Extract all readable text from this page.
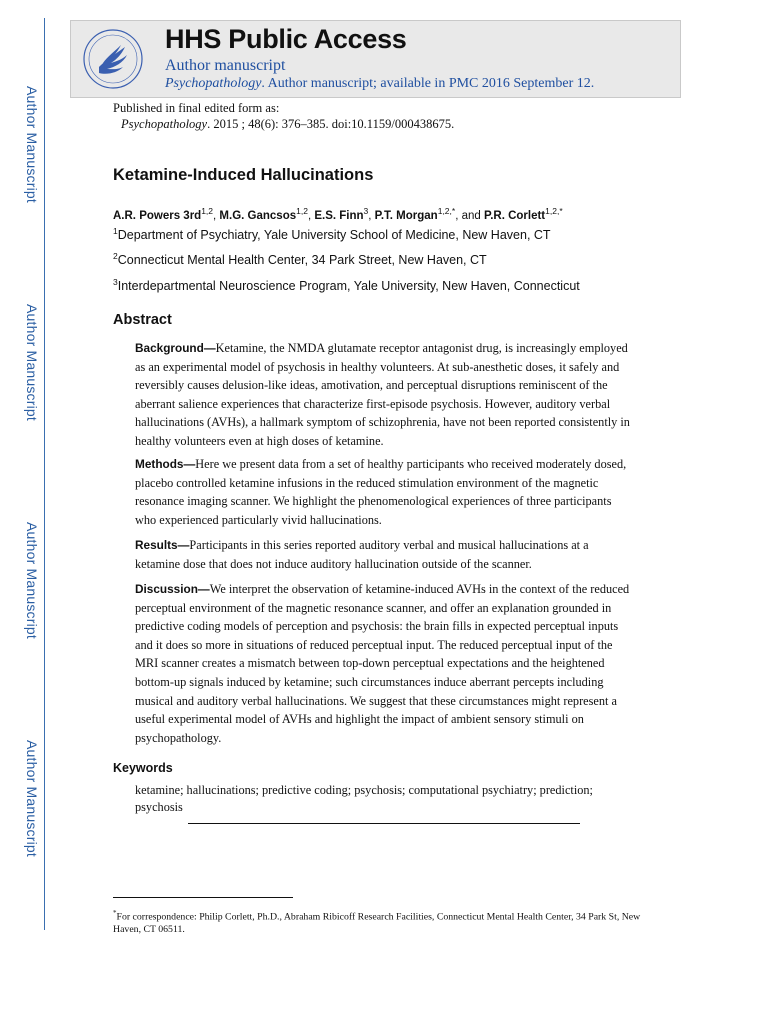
Author Manuscript
Author Manuscript
Author Manuscript
Author Manuscript
HHS Public Access
Author manuscript
Psychopathology. Author manuscript; available in PMC 2016 September 12.
Published in final edited form as:
Psychopathology. 2015 ; 48(6): 376–385. doi:10.1159/000438675.
Ketamine-Induced Hallucinations
A.R. Powers 3rd$^{1,2}$, M.G. Gancsos$^{1,2}$, E.S. Finn$^3$, P.T. Morgan$^{1,2,*}$, and P.R. Corlett$^{1,2,*}$
$^1$Department of Psychiatry, Yale University School of Medicine, New Haven, CT
$^2$Connecticut Mental Health Center, 34 Park Street, New Haven, CT
$^3$Interdepartmental Neuroscience Program, Yale University, New Haven, Connecticut
Abstract
Background—Ketamine, the NMDA glutamate receptor antagonist drug, is increasingly employed as an experimental model of psychosis in healthy volunteers. At sub-anesthetic doses, it safely and reversibly causes delusion-like ideas, amotivation, and perceptual disruptions reminiscent of the aberrant salience experiences that characterize first-episode psychosis. However, auditory verbal hallucinations (AVHs), a hallmark symptom of schizophrenia, have not been reported consistently in healthy volunteers even at high doses of ketamine.
Methods—Here we present data from a set of healthy participants who received moderately dosed, placebo controlled ketamine infusions in the reduced stimulation environment of the magnetic resonance imaging scanner. We highlight the phenomenological experiences of three participants who experienced particularly vivid hallucinations.
Results—Participants in this series reported auditory verbal and musical hallucinations at a ketamine dose that does not induce auditory hallucination outside of the scanner.
Discussion—We interpret the observation of ketamine-induced AVHs in the context of the reduced perceptual environment of the magnetic resonance scanner, and offer an explanation grounded in predictive coding models of perception and psychosis: the brain fills in expected perceptual inputs and it does so more in situations of reduced perceptual input. The reduced perceptual input of the MRI scanner creates a mismatch between top-down perceptual expectations and the heightened bottom-up signals induced by ketamine; such circumstances induce aberrant percepts including musical and auditory verbal hallucinations. We suggest that these circumstances might represent a useful experimental model of AVHs and highlight the impact of ambient sensory stimuli on psychopathology.
Keywords
ketamine; hallucinations; predictive coding; psychosis; computational psychiatry; prediction; psychosis
*For correspondence: Philip Corlett, Ph.D., Abraham Ribicoff Research Facilities, Connecticut Mental Health Center, 34 Park St, New Haven, CT 06511.
